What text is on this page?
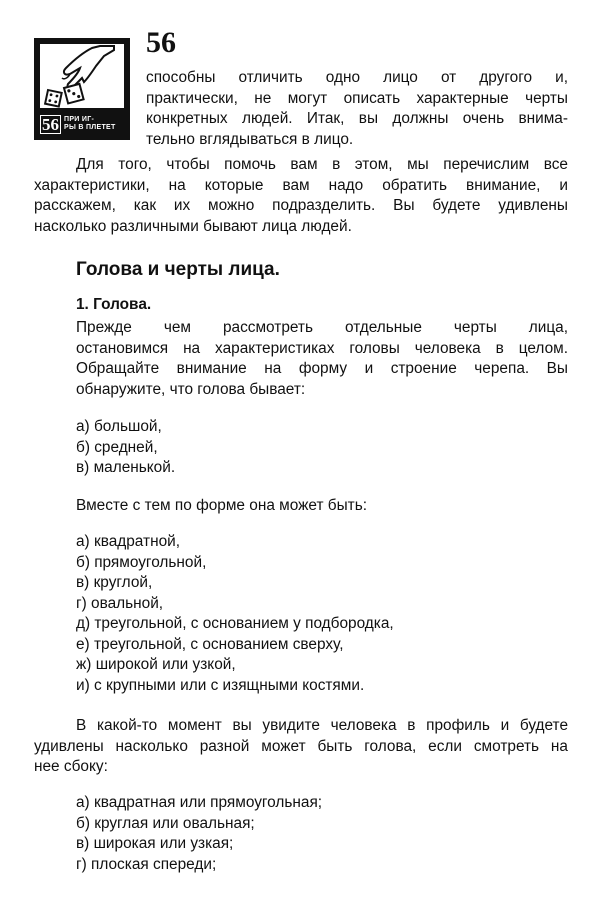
56
56 ПРИ ИГ-
РЫ В ПЛЕТЕТ
способны отличить одно лицо от другого и,
практически, не могут описать характерные черты
конкретных людей. Итак, вы должны очень внима-
тельно вглядываться в лицо.
Для того, чтобы помочь вам в этом, мы перечислим все
характеристики, на которые вам надо обратить внимание, и
расскажем, как их можно подразделить. Вы будете удивлены
насколько различными бывают лица людей.
Голова и черты лица.
1. Голова.
Прежде чем рассмотреть отдельные черты лица,
остановимся на характеристиках головы человека в целом.
Обращайте внимание на форму и строение черепа. Вы
обнаружите, что голова бывает:
а) большой,
б) средней,
в) маленькой.
Вместе с тем по форме она может быть:
а) квадратной,
б) прямоугольной,
в) круглой,
г) овальной,
д) треугольной, с основанием у подбородка,
е) треугольной, с основанием сверху,
ж) широкой или узкой,
и) с крупными или с изящными костями.
В какой-то момент вы увидите человека в профиль и будете
удивлены насколько разной может быть голова, если смотреть на
нее сбоку:
а) квадратная или прямоугольная;
б) круглая или овальная;
в) широкая или узкая;
г) плоская спереди;
